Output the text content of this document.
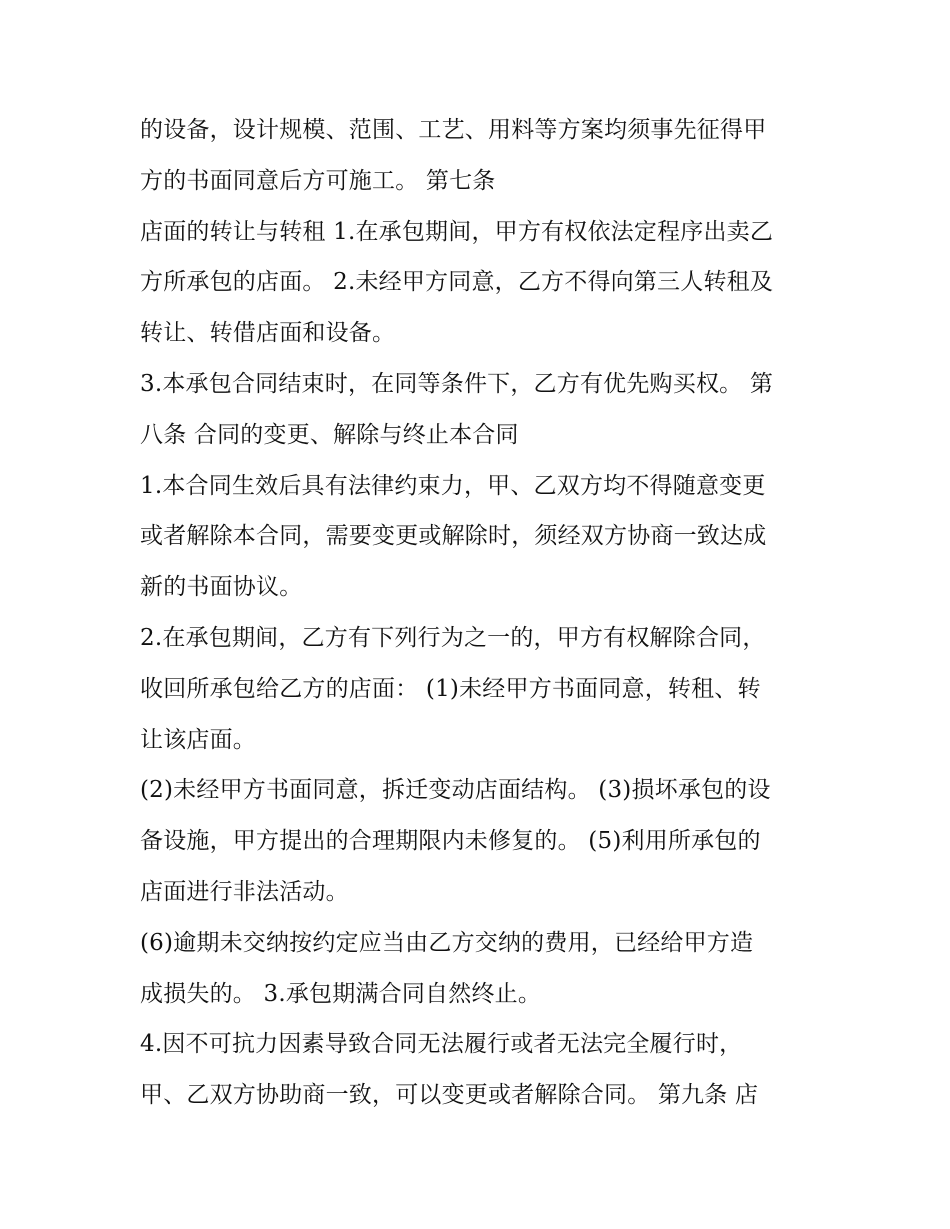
的设备，设计规模、范围、工艺、用料等方案均须事先征得甲
方的书面同意后方可施工。 第七条
店面的转让与转租 1.在承包期间，甲方有权依法定程序出卖乙
方所承包的店面。 2.未经甲方同意，乙方不得向第三人转租及
转让、转借店面和设备。
3.本承包合同结束时，在同等条件下，乙方有优先购买权。 第
八条 合同的变更、解除与终止本合同
1.本合同生效后具有法律约束力，甲、乙双方均不得随意变更
或者解除本合同，需要变更或解除时，须经双方协商一致达成
新的书面协议。
2.在承包期间，乙方有下列行为之一的，甲方有权解除合同，
收回所承包给乙方的店面： (1)未经甲方书面同意，转租、转
让该店面。
(2)未经甲方书面同意，拆迁变动店面结构。 (3)损坏承包的设
备设施，甲方提出的合理期限内未修复的。 (5)利用所承包的
店面进行非法活动。
(6)逾期未交纳按约定应当由乙方交纳的费用，已经给甲方造
成损失的。 3.承包期满合同自然终止。
4.因不可抗力因素导致合同无法履行或者无法完全履行时，
甲、乙双方协助商一致，可以变更或者解除合同。 第九条 店
